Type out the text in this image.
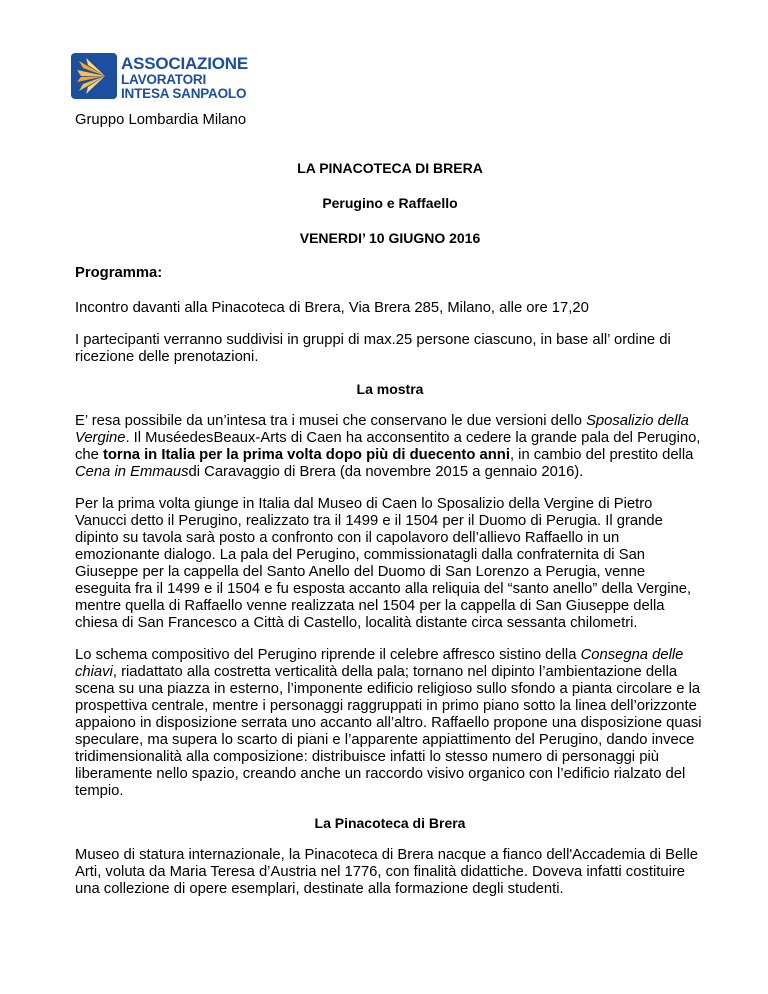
ASSOCIAZIONE
LAVORATORI
INTESA SANPAOLO

Gruppo Lombardia Milano

LA PINACOTECA DI BRERA

Perugino e Raffaello

VENERDI’ 10 GIUGNO 2016

Programma:

Incontro davanti alla Pinacoteca di Brera, Via Brera 285, Milano, alle ore 17,20

I partecipanti verranno suddivisi in gruppi di max.25 persone ciascuno, in base all’ ordine di ricezione delle prenotazioni.

La mostra

E’ resa possibile da un’intesa tra i musei che conservano le due versioni dello Sposalizio della Vergine. Il MuséedesBeaux-Arts di Caen ha acconsentito a cedere la grande pala del Perugino, che torna in Italia per la prima volta dopo più di duecento anni, in cambio del prestito della Cena in Emmausdi Caravaggio di Brera (da novembre 2015 a gennaio 2016).

Per la prima volta giunge in Italia dal Museo di Caen lo Sposalizio della Vergine di Pietro Vanucci detto il Perugino, realizzato tra il 1499 e il 1504 per il Duomo di Perugia. Il grande dipinto su tavola sarà posto a confronto con il capolavoro dell’allievo Raffaello in un emozionante dialogo. La pala del Perugino, commissionatagli dalla confraternita di San Giuseppe per la cappella del Santo Anello del Duomo di San Lorenzo a Perugia, venne eseguita fra il 1499 e il 1504 e fu esposta accanto alla reliquia del “santo anello” della Vergine, mentre quella di Raffaello venne realizzata nel 1504 per la cappella di San Giuseppe della chiesa di San Francesco a Città di Castello, località distante circa sessanta chilometri.

Lo schema compositivo del Perugino riprende il celebre affresco sistino della Consegna delle chiavi, riadattato alla costretta verticalità della pala; tornano nel dipinto l’ambientazione della scena su una piazza in esterno, l’imponente edificio religioso sullo sfondo a pianta circolare e la prospettiva centrale, mentre i personaggi raggruppati in primo piano sotto la linea dell’orizzonte appaiono in disposizione serrata uno accanto all’altro. Raffaello propone una disposizione quasi speculare, ma supera lo scarto di piani e l’apparente appiattimento del Perugino, dando invece tridimensionalità alla composizione: distribuisce infatti lo stesso numero di personaggi più liberamente nello spazio, creando anche un raccordo visivo organico con l’edificio rialzato del tempio.

La Pinacoteca di Brera

Museo di statura internazionale, la Pinacoteca di Brera nacque a fianco dell'Accademia di Belle Arti, voluta da Maria Teresa d’Austria nel 1776, con finalità didattiche. Doveva infatti costituire una collezione di opere esemplari, destinate alla formazione degli studenti.
